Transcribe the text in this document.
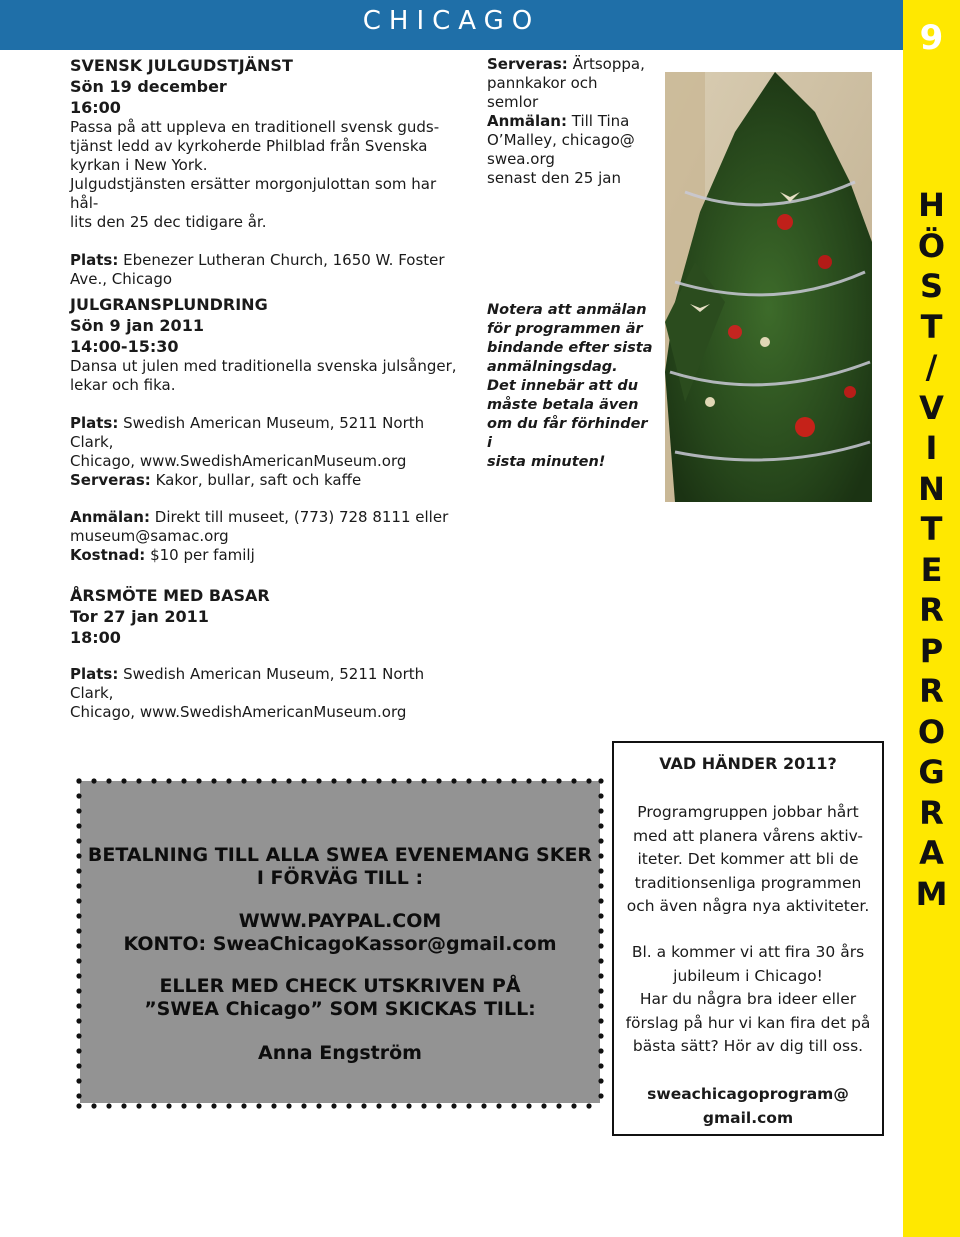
CHICAGO	9
H
Ö
S
T
/
V
I
N
T
E
R
P
R
O
G
R
A
M
SVENSK JULGUDSTJÄNST
Sön 19 december
16:00
Passa på att uppleva en traditionell svensk guds-
tjänst ledd av kyrkoherde Philblad från Svenska
kyrkan i New York.
Julgudstjänsten ersätter morgonjulottan som har hål-
lits den 25 dec tidigare år.
Plats: Ebenezer Lutheran Church, 1650 W. Foster
Ave., Chicago
JULGRANSPLUNDRING
Sön 9 jan 2011
14:00-15:30
Dansa ut julen med traditionella svenska julsånger,
lekar och fika.
Plats: Swedish American Museum, 5211 North Clark,
Chicago, www.SwedishAmericanMuseum.org
Serveras: Kakor, bullar, saft och kaffe
Anmälan: Direkt till museet, (773) 728 8111 eller
museum@samac.org
Kostnad: $10 per familj
ÅRSMÖTE MED BASAR
Tor 27 jan 2011
18:00
Plats: Swedish American Museum, 5211 North Clark,
Chicago, www.SwedishAmericanMuseum.org
Serveras: Ärtsoppa,
pannkakor och
semlor
Anmälan: Till Tina
O’Malley, chicago@
swea.org
senast den 25 jan
Notera att anmälan
för programmen är
bindande efter sista
anmälningsdag.
Det innebär att du
måste betala även
om du får förhinder i
sista minuten!
BETALNING TILL ALLA SWEA EVENEMANG SKER
I FÖRVÄG TILL :
WWW.PAYPAL.COM
KONTO: SweaChicagoKassor@gmail.com
ELLER MED CHECK UTSKRIVEN PÅ
”SWEA Chicago” SOM SKICKAS TILL:
Anna Engström
VAD HÄNDER 2011?
Programgruppen jobbar hårt
med att planera vårens aktiv-
iteter. Det kommer att bli de
traditionsenliga programmen
och även några nya aktiviteter.
Bl. a kommer vi att fira 30 års
jubileum i Chicago!
Har du några bra ideer eller
förslag på hur vi kan fira det på
bästa sätt? Hör av dig till oss.
sweachicagoprogram@
gmail.com
